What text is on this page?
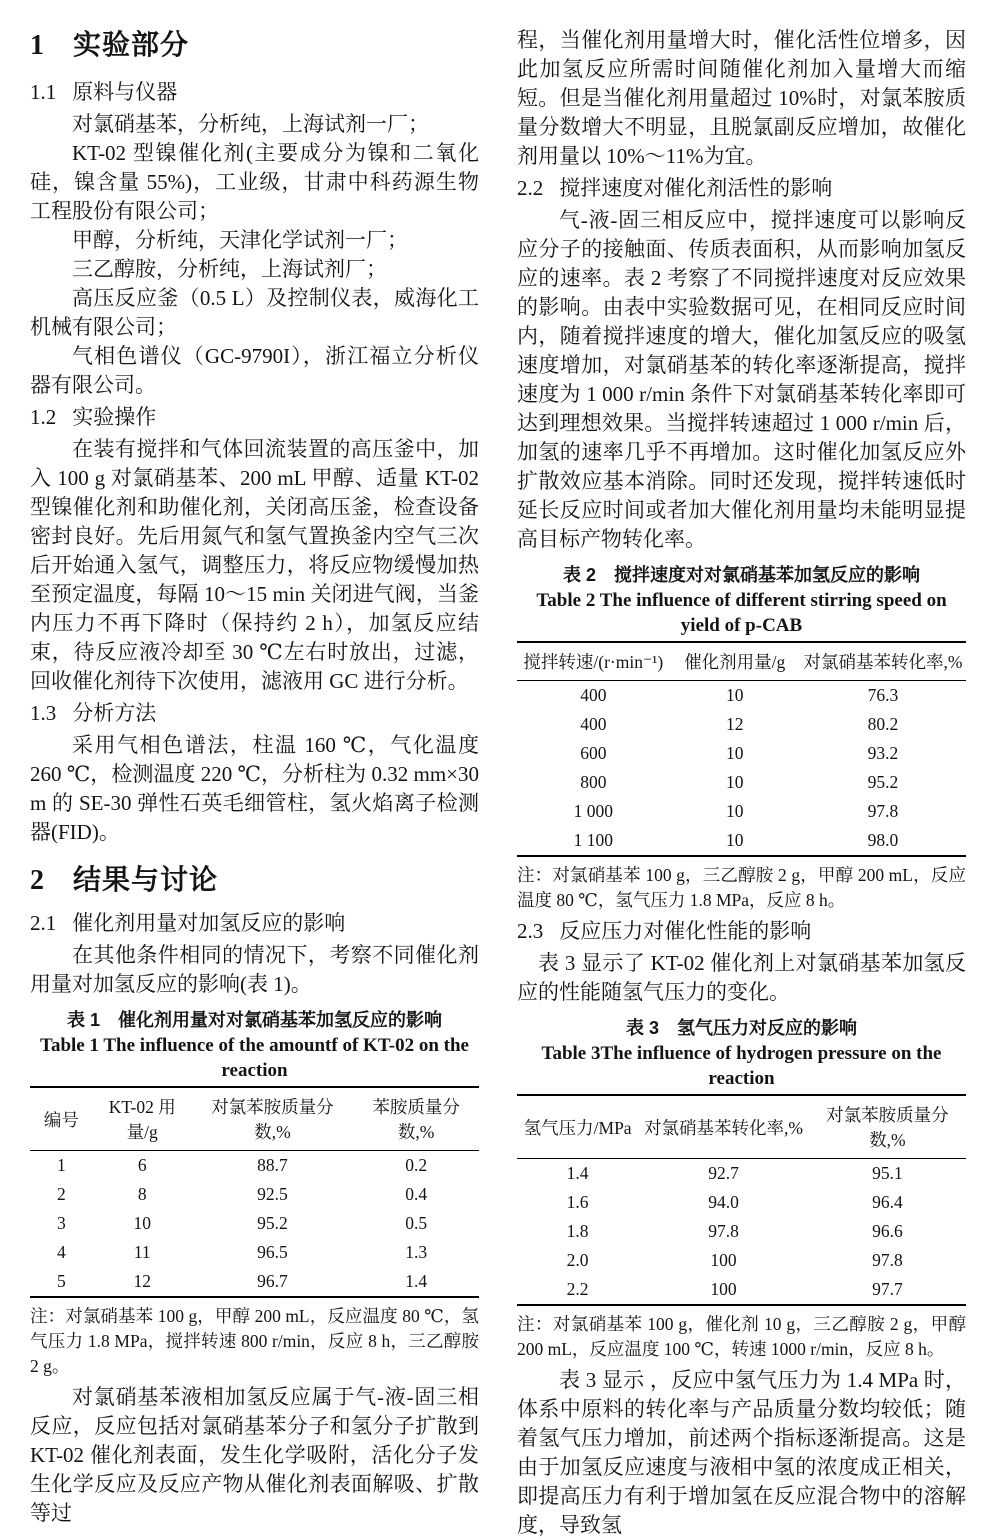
1 实验部分
1.1 原料与仪器

对氯硝基苯，分析纯，上海试剂一厂；

KT-02 型镍催化剂(主要成分为镍和二氧化硅，镍含量 55%)，工业级，甘肃中科药源生物工程股份有限公司；

甲醇，分析纯，天津化学试剂一厂；

三乙醇胺，分析纯，上海试剂厂；

高压反应釜（0.5 L）及控制仪表，威海化工机械有限公司；

气相色谱仪（GC-9790I），浙江福立分析仪器有限公司。

1.2 实验操作

在装有搅拌和气体回流装置的高压釜中，加入 100 g 对氯硝基苯、200 mL 甲醇、适量 KT-02 型镍催化剂和助催化剂，关闭高压釜，检查设备密封良好。先后用氮气和氢气置换釜内空气三次后开始通入氢气，调整压力，将反应物缓慢加热至预定温度，每隔 10～15 min 关闭进气阀，当釜内压力不再下降时（保持约 2 h），加氢反应结束，待反应液冷却至 30 ℃左右时放出，过滤，回收催化剂待下次使用，滤液用 GC 进行分析。

1.3 分析方法

采用气相色谱法，柱温 160 ℃，气化温度 260 ℃，检测温度 220 ℃，分析柱为 0.32 mm×30 m 的 SE-30 弹性石英毛细管柱，氢火焰离子检测器(FID)。

2 结果与讨论
2.1 催化剂用量对加氢反应的影响

在其他条件相同的情况下，考察不同催化剂用量对加氢反应的影响(表 1)。

表 1　催化剂用量对对氯硝基苯加氢反应的影响
Table 1 The influence of the amountf of KT-02 on the reaction
编号	KT-02 用量/g	对氯苯胺质量分数,%	苯胺质量分数,%
1	6	88.7	0.2
2	8	92.5	0.4
3	10	95.2	0.5
4	11	96.5	1.3
5	12	96.7	1.4

注：对氯硝基苯 100 g，甲醇 200 mL，反应温度 80 ℃，氢气压力 1.8 MPa，搅拌转速 800 r/min，反应 8 h，三乙醇胺 2 g。

对氯硝基苯液相加氢反应属于气-液-固三相反应，反应包括对氯硝基苯分子和氢分子扩散到 KT-02 催化剂表面，发生化学吸附，活化分子发生化学反应及反应产物从催化剂表面解吸、扩散等过

程，当催化剂用量增大时，催化活性位增多，因此加氢反应所需时间随催化剂加入量增大而缩短。但是当催化剂用量超过 10%时，对氯苯胺质量分数增大不明显，且脱氯副反应增加，故催化剂用量以 10%～11%为宜。

2.2 搅拌速度对催化剂活性的影响

气-液-固三相反应中，搅拌速度可以影响反应分子的接触面、传质表面积，从而影响加氢反应的速率。表 2 考察了不同搅拌速度对反应效果的影响。由表中实验数据可见，在相同反应时间内，随着搅拌速度的增大，催化加氢反应的吸氢速度增加，对氯硝基苯的转化率逐渐提高，搅拌速度为 1 000 r/min 条件下对氯硝基苯转化率即可达到理想效果。当搅拌转速超过 1 000 r/min 后，加氢的速率几乎不再增加。这时催化加氢反应外扩散效应基本消除。同时还发现，搅拌转速低时延长反应时间或者加大催化剂用量均未能明显提高目标产物转化率。

表 2　搅拌速度对对氯硝基苯加氢反应的影响
Table 2 The influence of different stirring speed on yield of p-CAB
搅拌转速/(r·min⁻¹)	催化剂用量/g	对氯硝基苯转化率,%
400	10	76.3
400	12	80.2
600	10	93.2
800	10	95.2
1 000	10	97.8
1 100	10	98.0

注：对氯硝基苯 100 g，三乙醇胺 2 g，甲醇 200 mL，反应温度 80 ℃，氢气压力 1.8 MPa，反应 8 h。

2.3 反应压力对催化性能的影响

表 3 显示了 KT-02 催化剂上对氯硝基苯加氢反应的性能随氢气压力的变化。

表 3　氢气压力对反应的影响
Table 3The influence of hydrogen pressure on the reaction
氢气压力/MPa	对氯硝基苯转化率,%	对氯苯胺质量分数,%
1.4	92.7	95.1
1.6	94.0	96.4
1.8	97.8	96.6
2.0	100	97.8
2.2	100	97.7

注：对氯硝基苯 100 g，催化剂 10 g，三乙醇胺 2 g，甲醇 200 mL，反应温度 100 ℃，转速 1000 r/min，反应 8 h。

表 3 显示 ，反应中氢气压力为 1.4 MPa 时，体系中原料的转化率与产品质量分数均较低；随着氢气压力增加，前述两个指标逐渐提高。这是由于加氢反应速度与液相中氢的浓度成正相关，即提高压力有利于增加氢在反应混合物中的溶解度，导致氢
